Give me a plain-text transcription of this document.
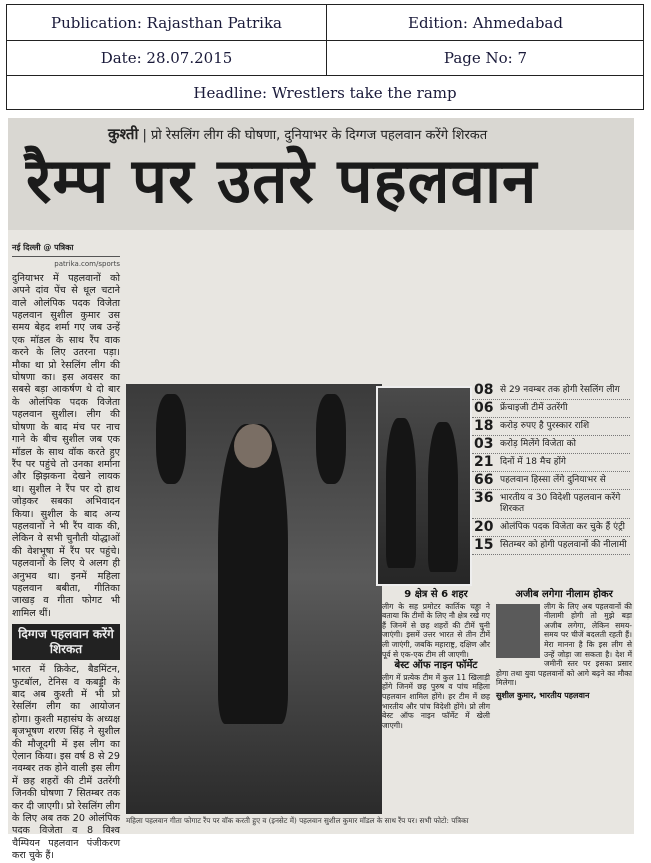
Publication: Rajasthan Patrika	Edition: Ahmedabad
Date: 28.07.2015	Page No: 7
Headline: Wrestlers take the ramp
कुश्ती | प्रो रेसलिंग लीग की घोषणा, दुनियाभर के दिग्गज पहलवान करेंगे शिरकत
रैम्प पर उतरे पहलवान
नई दिल्ली @ पत्रिका
patrika.com/sports
दुनियाभर में पहलवानों को अपने दांव पेंच से धूल चटाने वाले ओलंपिक पदक विजेता पहलवान सुशील कुमार उस समय बेहद शर्मा गए जब उन्हें एक मॉडल के साथ रैंप वाक करने के लिए उतरना पड़ा। मौका था प्रो रेसलिंग लीग की घोषणा का। इस अवसर का सबसे बड़ा आकर्षण थे दो बार के ओलंपिक पदक विजेता पहलवान सुशील। लीग की घोषणा के बाद मंच पर नाच गाने के बीच सुशील जब एक मॉडल के साथ वॉक करते हुए रैंप पर पहुंचे तो उनका शर्माना और झिझकना देखने लायक था। सुशील ने रैंप पर दो हाथ जोड़कर सबका अभिवादन किया। सुशील के बाद अन्य पहलवानों ने भी रैंप वाक की, लेकिन वे सभी चुनौती योद्धाओं की वेशभूषा में रैंप पर पहुंचे। पहलवानों के लिए ये अलग ही अनुभव था। इनमें महिला पहलवान बबीता, गीतिका जाखड़ व गीता फोगट भी शामिल थीं।
दिग्गज पहलवान करेंगे शिरकत
भारत में क्रिकेट, बैडमिंटन, फुटबॉल, टेनिस व कबड्डी के बाद अब कुश्ती में भी प्रो रेसलिंग लीग का आयोजन होगा। कुश्ती महासंघ के अध्यक्ष बृजभूषण शरण सिंह ने सुशील की मौजूदगी में इस लीग का ऐलान किया। इस वर्ष 8 से 29 नवम्बर तक होने वाली इस लीग में छह शहरों की टीमें उतरेंगी जिनकी घोषणा 7 सितम्बर तक कर दी जाएगी। प्रो रेसलिंग लीग के लिए अब तक 20 ओलंपिक पदक विजेता व 8 विश्व चैम्पियन पहलवान पंजीकरण करा चुके हैं।
08 से 29 नवम्बर तक होगी रेसलिंग लीग
06 फ्रेंचाइजी टीमें उतरेंगी
18 करोड़ रुपए है पुरस्कार राशि
03 करोड़ मिलेंगे विजेता को
21 दिनों में 18 मैच होंगे
66 पहलवान हिस्सा लेंगे दुनियाभर से
36 भारतीय व 30 विदेशी पहलवान करेंगे शिरकत
20 ओलंपिक पदक विजेता कर चुके हैं एंट्री
15 सितम्बर को होगी पहलवानों की नीलामी
9 क्षेत्र से 6 शहर
लीग के सह प्रमोटर कार्तिक चड्ढा ने बताया कि टीमों के लिए नौ क्षेत्र रखे गए हैं जिनमें से छह शहरों की टीमें चुनी जाएंगी। इसमें उत्तर भारत से तीन टीमें ली जाएंगी, जबकि महाराष्ट्र, दक्षिण और पूर्व से एक-एक टीम ली जाएगी।
बेस्ट ऑफ नाइन फॉर्मेट
लीग में प्रत्येक टीम में कुल 11 खिलाड़ी होंगे जिनमें छह पुरुष व पांच महिला पहलवान शामिल होंगे। हर टीम में छह भारतीय और पांच विदेशी होंगे। प्रो लीग बेस्ट ऑफ नाइन फॉर्मेट में खेली जाएगी।
अजीब लगेगा नीलाम होकर
लीग के लिए अब पहलवानों की नीलामी होगी तो मुझे बड़ा अजीब लगेगा, लेकिन समय-समय पर चीजें बदलती रहती हैं। मेरा मानना है कि इस लीग से उन्हें जोड़ा जा सकता है। देश में जमीनी स्तर पर इसका प्रसार होगा तथा युवा पहलवानों को आगे बढ़ने का मौका मिलेगा।
सुशील कुमार, भारतीय पहलवान
महिला पहलवान गीता फोगाट रैंप पर वॉक करती हुए व (इनसेट में) पहलवान सुशील कुमार मॉडल के साथ रैंप पर। सभी फोटो: पत्रिका
